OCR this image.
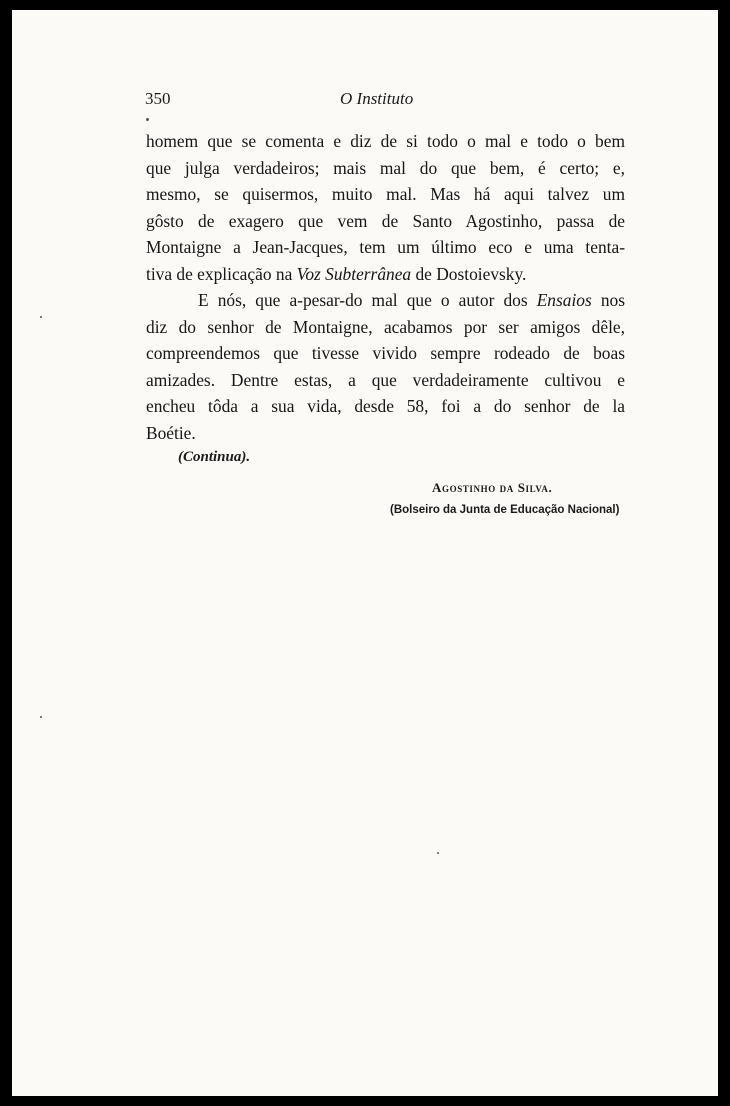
350	O Instituto

homem que se comenta e diz de si todo o mal e todo o bem
que julga verdadeiros; mais mal do que bem, é certo; e,
mesmo, se quisermos, muito mal. Mas há aqui talvez um
gôsto de exagero que vem de Santo Agostinho, passa de
Montaigne a Jean-Jacques, tem um último eco e uma tenta-
tiva de explicação na Voz Subterrânea de Dostoievsky.

E nós, que a-pesar-do mal que o autor dos Ensaios nos
diz do senhor de Montaigne, acabamos por ser amigos dêle,
compreendemos que tivesse vivido sempre rodeado de boas
amizades. Dentre estas, a que verdadeiramente cultivou e
encheu tôda a sua vida, desde 58, foi a do senhor de la
Boétie.

(Continua).
Agostinho da Silva.
(Bolseiro da Junta de Educação Nacional)
